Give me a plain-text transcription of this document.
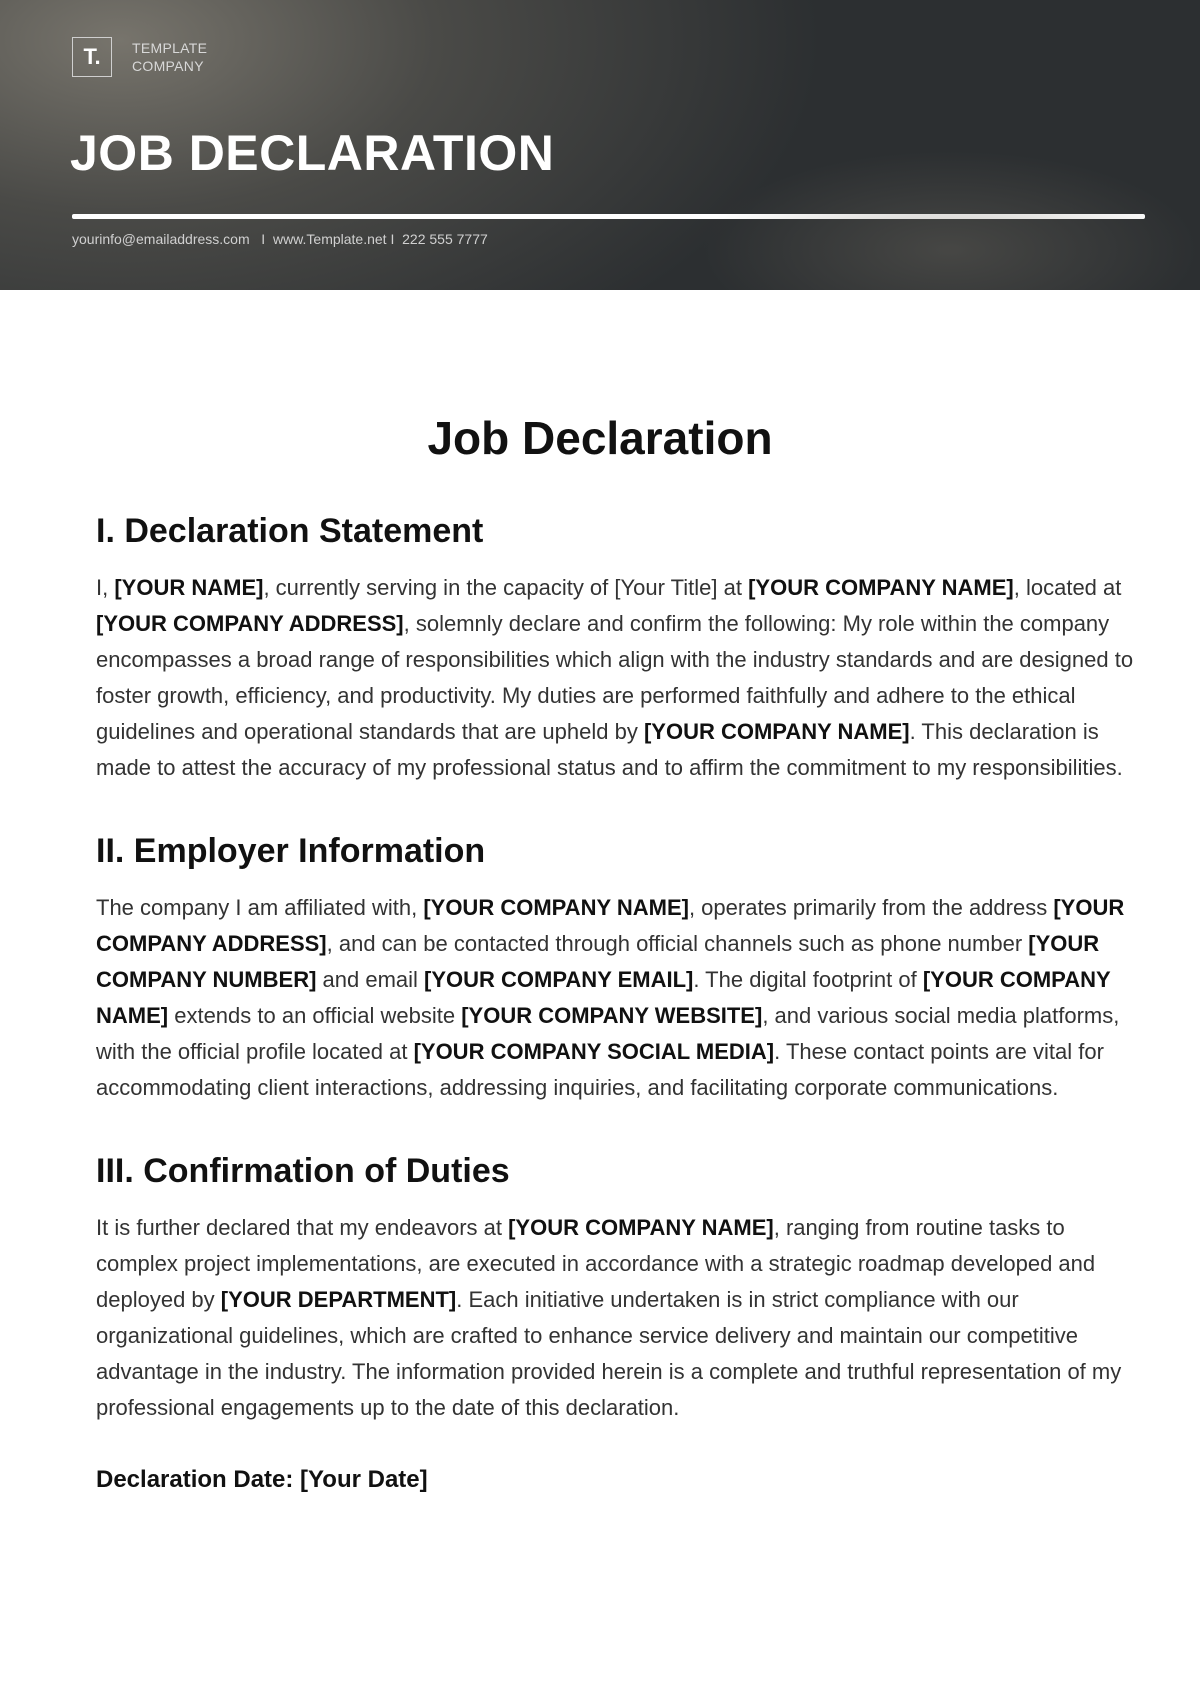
T.	TEMPLATE
COMPANY
JOB DECLARATION
yourinfo@emailaddress.com   I  www.Template.net I  222 555 7777
Job Declaration
I. Declaration Statement

I, [YOUR NAME], currently serving in the capacity of [Your Title] at [YOUR COMPANY NAME], located at [YOUR COMPANY ADDRESS], solemnly declare and confirm the following: My role within the company encompasses a broad range of responsibilities which align with the industry standards and are designed to foster growth, efficiency, and productivity. My duties are performed faithfully and adhere to the ethical guidelines and operational standards that are upheld by [YOUR COMPANY NAME]. This declaration is made to attest the accuracy of my professional status and to affirm the commitment to my responsibilities.

II. Employer Information

The company I am affiliated with, [YOUR COMPANY NAME], operates primarily from the address [YOUR COMPANY ADDRESS], and can be contacted through official channels such as phone number [YOUR COMPANY NUMBER] and email [YOUR COMPANY EMAIL]. The digital footprint of [YOUR COMPANY NAME] extends to an official website [YOUR COMPANY WEBSITE], and various social media platforms, with the official profile located at [YOUR COMPANY SOCIAL MEDIA]. These contact points are vital for accommodating client interactions, addressing inquiries, and facilitating corporate communications.

III. Confirmation of Duties

It is further declared that my endeavors at [YOUR COMPANY NAME], ranging from routine tasks to complex project implementations, are executed in accordance with a strategic roadmap developed and deployed by [YOUR DEPARTMENT]. Each initiative undertaken is in strict compliance with our organizational guidelines, which are crafted to enhance service delivery and maintain our competitive advantage in the industry. The information provided herein is a complete and truthful representation of my professional engagements up to the date of this declaration.

Declaration Date: [Your Date]
